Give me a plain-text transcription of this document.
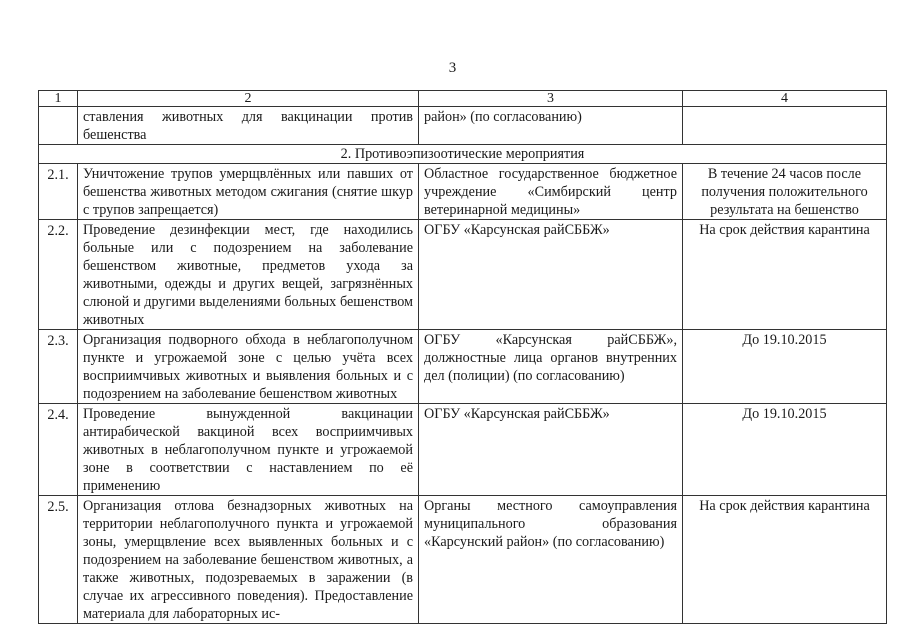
3
1	2	3	4
	ставления животных для вакцинации против бешенства	район» (по согласованию)	
2. Противоэпизоотические мероприятия			
2.1.	Уничтожение трупов умерщвлённых или павших от бешенства животных методом сжигания (снятие шкур с трупов запрещается)	Областное государственное бюджетное учреждение «Симбирский центр ветеринарной медицины»	В течение 24 часов после получения положительного результата на бешенство
2.2.	Проведение дезинфекции мест, где находились больные или с подозрением на заболевание бешенством животные, предметов ухода за животными, одежды и других вещей, загрязнённых слюной и другими выделениями больных бешенством животных	ОГБУ «Карсунская райСББЖ»	На срок действия карантина
2.3.	Организация подворного обхода в неблагополучном пункте и угрожаемой зоне с целью учёта всех восприимчивых животных и выявления больных и с подозрением на заболевание бешенством животных	ОГБУ «Карсунская райСББЖ», должностные лица органов внутренних дел (полиции) (по согласованию)	До 19.10.2015
2.4.	Проведение вынужденной вакцинации антирабической вакциной всех восприимчивых животных в неблагополучном пункте и угрожаемой зоне в соответствии с наставлением по её применению	ОГБУ «Карсунская райСББЖ»	До 19.10.2015
2.5.	Организация отлова безнадзорных животных на территории неблагополучного пункта и угрожаемой зоны, умерщвление всех выявленных больных и с подозрением на заболевание бешенством животных, а также животных, подозреваемых в заражении (в случае их агрессивного поведения). Предоставление материала для лабораторных ис-	Органы местного самоуправления муниципального образования «Карсунский район» (по согласованию)	На срок действия карантина
